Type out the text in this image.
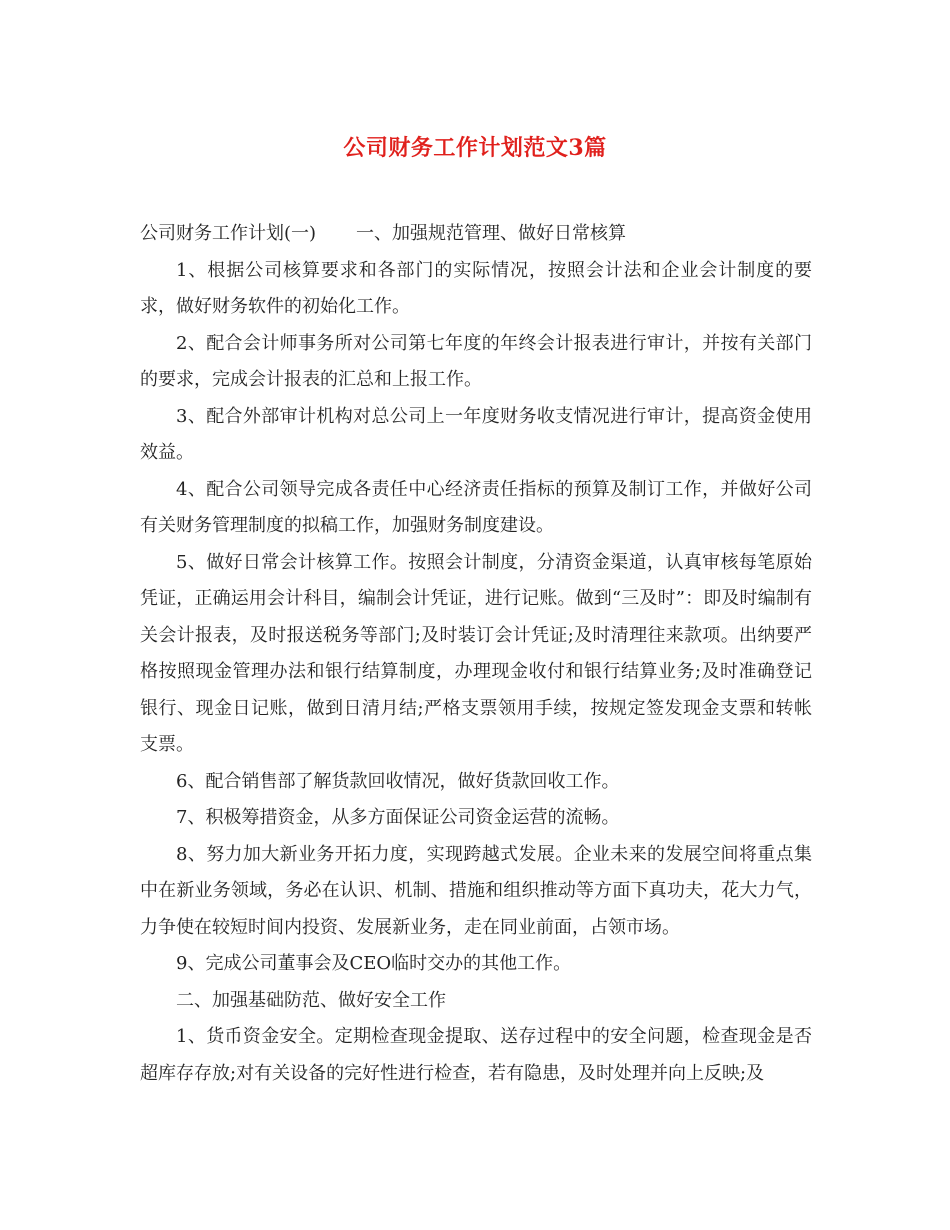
公司财务工作计划范文3篇

公司财务工作计划(一) 一、加强规范管理、做好日常核算

1、根据公司核算要求和各部门的实际情况，按照会计法和企业会计制度的要求，做好财务软件的初始化工作。

2、配合会计师事务所对公司第七年度的年终会计报表进行审计，并按有关部门的要求，完成会计报表的汇总和上报工作。

3、配合外部审计机构对总公司上一年度财务收支情况进行审计，提高资金使用效益。

4、配合公司领导完成各责任中心经济责任指标的预算及制订工作，并做好公司有关财务管理制度的拟稿工作，加强财务制度建设。

5、做好日常会计核算工作。按照会计制度，分清资金渠道，认真审核每笔原始凭证，正确运用会计科目，编制会计凭证，进行记账。做到“三及时”：即及时编制有关会计报表，及时报送税务等部门;及时装订会计凭证;及时清理往来款项。出纳要严格按照现金管理办法和银行结算制度，办理现金收付和银行结算业务;及时准确登记银行、现金日记账，做到日清月结;严格支票领用手续，按规定签发现金支票和转帐支票。

6、配合销售部了解货款回收情况，做好货款回收工作。

7、积极筹措资金，从多方面保证公司资金运营的流畅。

8、努力加大新业务开拓力度，实现跨越式发展。企业未来的发展空间将重点集中在新业务领域，务必在认识、机制、措施和组织推动等方面下真功夫，花大力气，力争使在较短时间内投资、发展新业务，走在同业前面，占领市场。

9、完成公司董事会及CEO临时交办的其他工作。

二、加强基础防范、做好安全工作

1、货币资金安全。定期检查现金提取、送存过程中的安全问题，检查现金是否超库存存放;对有关设备的完好性进行检查，若有隐患，及时处理并向上反映;及
